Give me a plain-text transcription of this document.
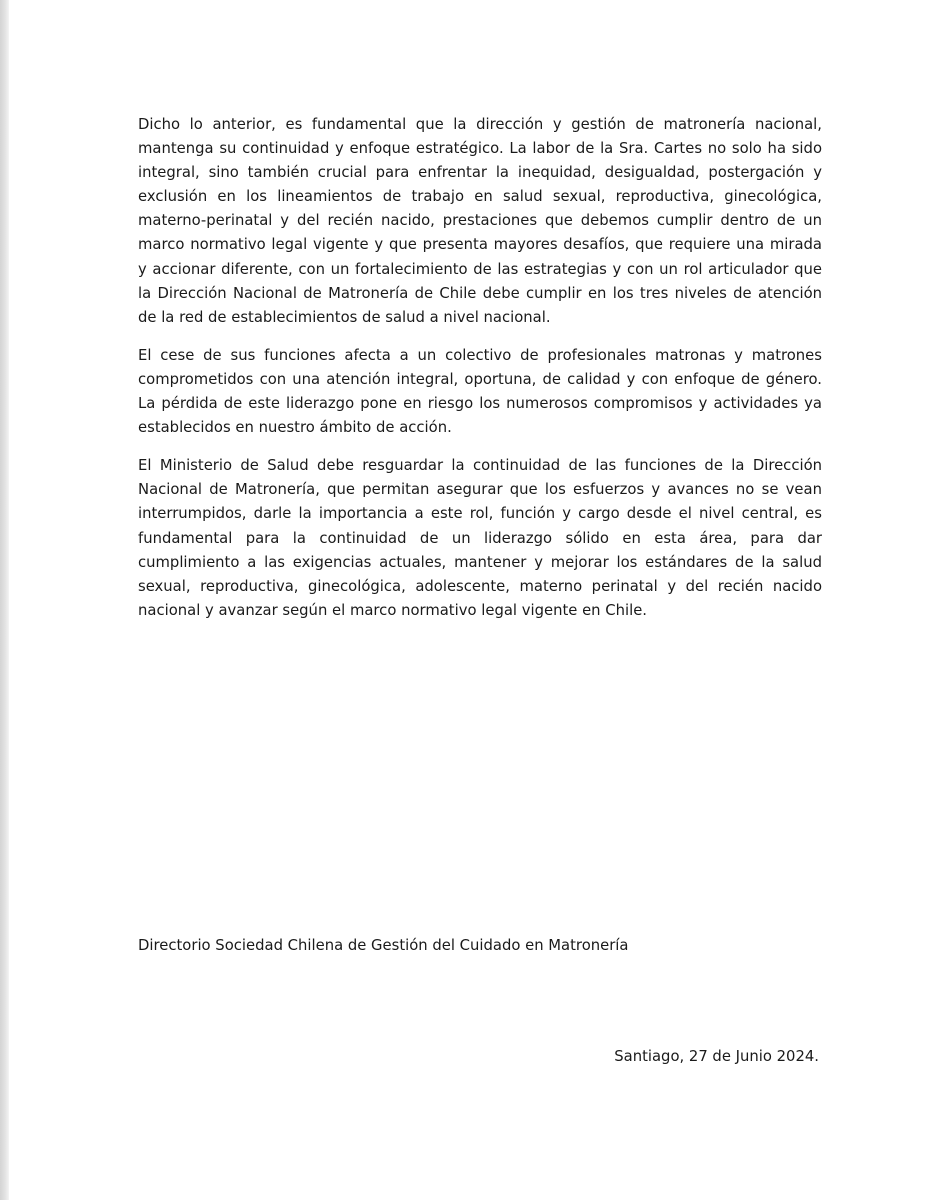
Dicho lo anterior, es fundamental que la dirección y gestión de matronería nacional, mantenga su continuidad y enfoque estratégico. La labor de la Sra. Cartes no solo ha sido integral, sino también crucial para enfrentar la inequidad, desigualdad, postergación y exclusión en los lineamientos de trabajo en salud sexual, reproductiva, ginecológica, materno-perinatal y del recién nacido, prestaciones que debemos cumplir dentro de un marco normativo legal vigente y que presenta mayores desafíos, que requiere una mirada y accionar diferente, con un fortalecimiento de las estrategias y con un rol articulador que la Dirección Nacional de Matronería de Chile debe cumplir en los tres niveles de atención de la red de establecimientos de salud a nivel nacional.

El cese de sus funciones afecta a un colectivo de profesionales matronas y matrones comprometidos con una atención integral, oportuna, de calidad y con enfoque de género. La pérdida de este liderazgo pone en riesgo los numerosos compromisos y actividades ya establecidos en nuestro ámbito de acción.

El Ministerio de Salud debe resguardar la continuidad de las funciones de la Dirección Nacional de Matronería, que permitan asegurar que los esfuerzos y avances no se vean interrumpidos, darle la importancia a este rol, función y cargo desde el nivel central, es fundamental para la continuidad de un liderazgo sólido en esta área, para dar cumplimiento a las exigencias actuales, mantener y mejorar los estándares de la salud sexual, reproductiva, ginecológica, adolescente, materno perinatal y del recién nacido nacional y avanzar según el marco normativo legal vigente en Chile.

Directorio Sociedad Chilena de Gestión del Cuidado en Matronería
Santiago, 27 de Junio 2024.
